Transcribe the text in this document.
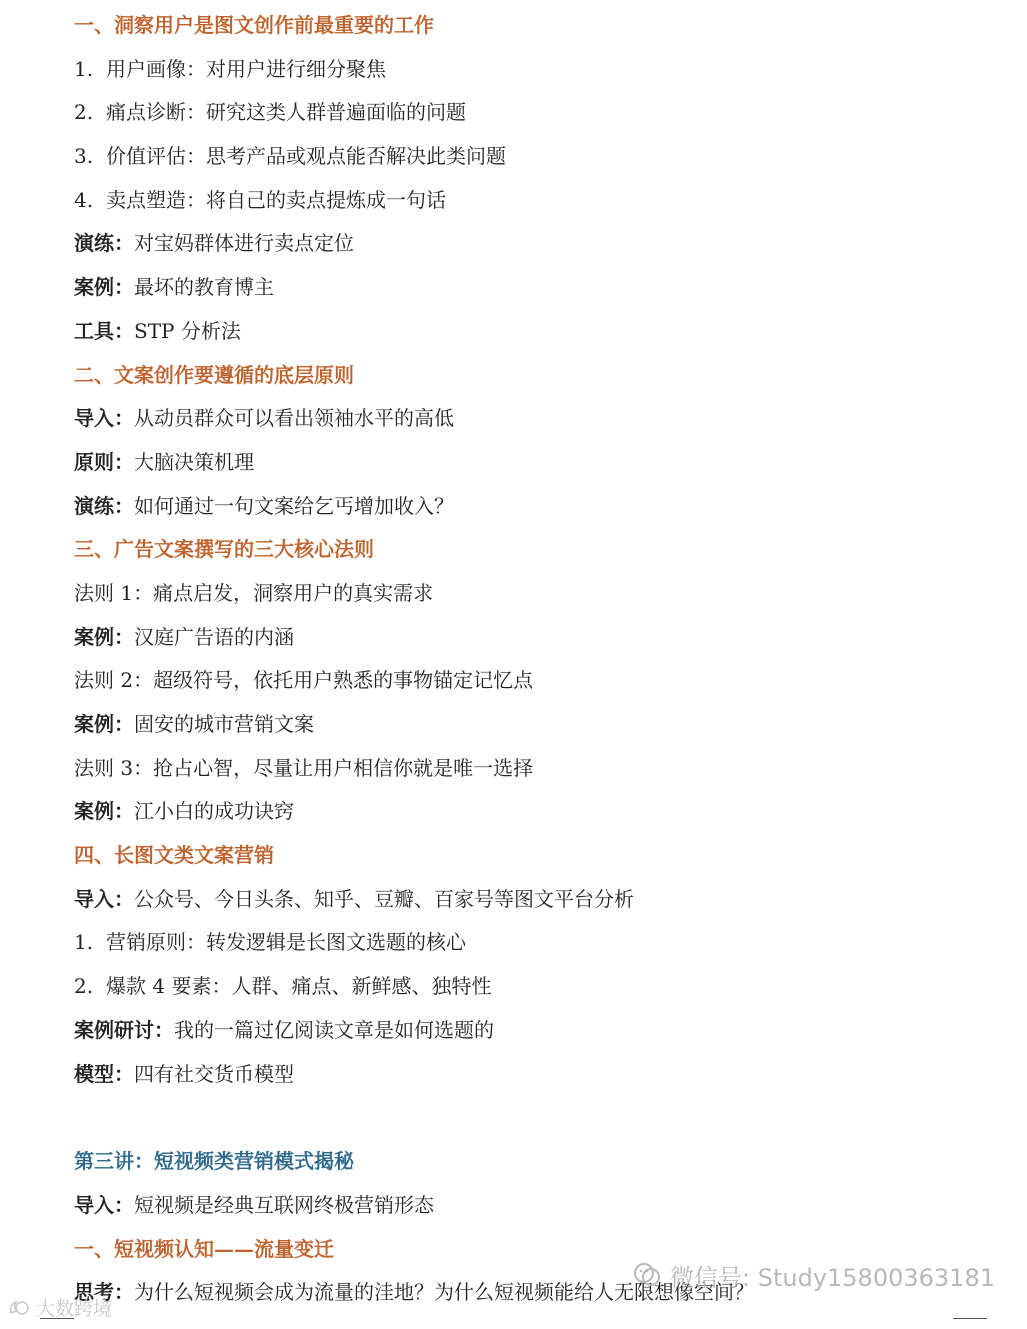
一、洞察用户是图文创作前最重要的工作
1. 用户画像：对用户进行细分聚焦
2. 痛点诊断：研究这类人群普遍面临的问题
3. 价值评估：思考产品或观点能否解决此类问题
4. 卖点塑造：将自己的卖点提炼成一句话
演练：对宝妈群体进行卖点定位
案例：最坏的教育博主
工具：STP 分析法
二、文案创作要遵循的底层原则
导入：从动员群众可以看出领袖水平的高低
原则：大脑决策机理
演练：如何通过一句文案给乞丐增加收入？
三、广告文案撰写的三大核心法则
法则 1：痛点启发，洞察用户的真实需求
案例：汉庭广告语的内涵
法则 2：超级符号，依托用户熟悉的事物锚定记忆点
案例：固安的城市营销文案
法则 3：抢占心智，尽量让用户相信你就是唯一选择
案例：江小白的成功诀窍
四、长图文类文案营销
导入：公众号、今日头条、知乎、豆瓣、百家号等图文平台分析
1. 营销原则：转发逻辑是长图文选题的核心
2. 爆款 4 要素：人群、痛点、新鲜感、独特性
案例研讨：我的一篇过亿阅读文章是如何选题的
模型：四有社交货币模型
第三讲：短视频类营销模式揭秘
导入：短视频是经典互联网终极营销形态
一、短视频认知——流量变迁
思考：为什么短视频会成为流量的洼地？为什么短视频能给人无限想像空间？
微信号: Study15800363181
大数跨境
